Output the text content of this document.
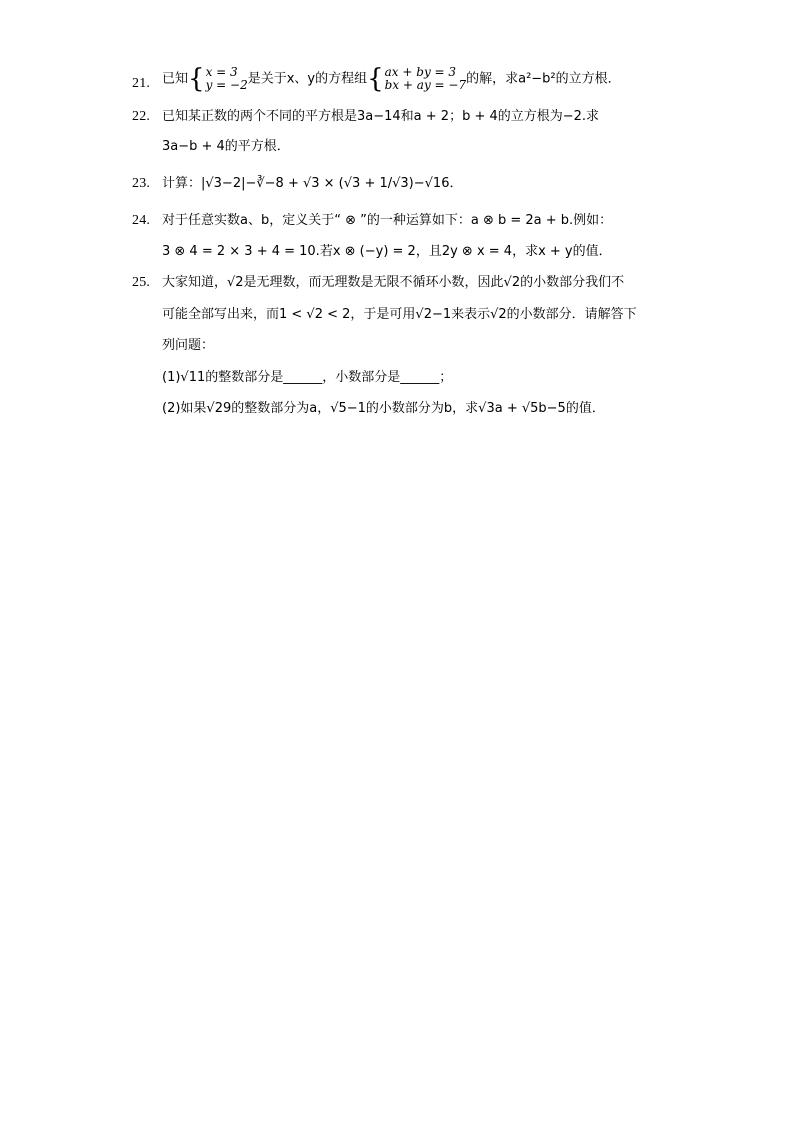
21. 已知{x = 3
y = −2是关于x、y的方程组{ax + by = 3
bx + ay = −7的解，求a²−b²的立方根．
22. 已知某正数的两个不同的平方根是3a−14和a + 2；b + 4的立方根为−2.求
3a−b + 4的平方根．
23. 计算：|√3−2|−∛−8 + √3 × (√3 + 1/√3)−√16．
24. 对于任意实数a、b，定义关于“ ⊗ ”的一种运算如下：a ⊗ b = 2a + b.例如：
3 ⊗ 4 = 2 × 3 + 4 = 10.若x ⊗ (−y) = 2，且2y ⊗ x = 4，求x + y的值．
25. 大家知道，√2是无理数，而无理数是无限不循环小数，因此√2的小数部分我们不
可能全部写出来，而1 < √2 < 2，于是可用√2−1来表示√2的小数部分．请解答下
列问题：
(1)√11的整数部分是______，小数部分是______；
(2)如果√29的整数部分为a，√5−1的小数部分为b，求√3a + √5b−5的值．
